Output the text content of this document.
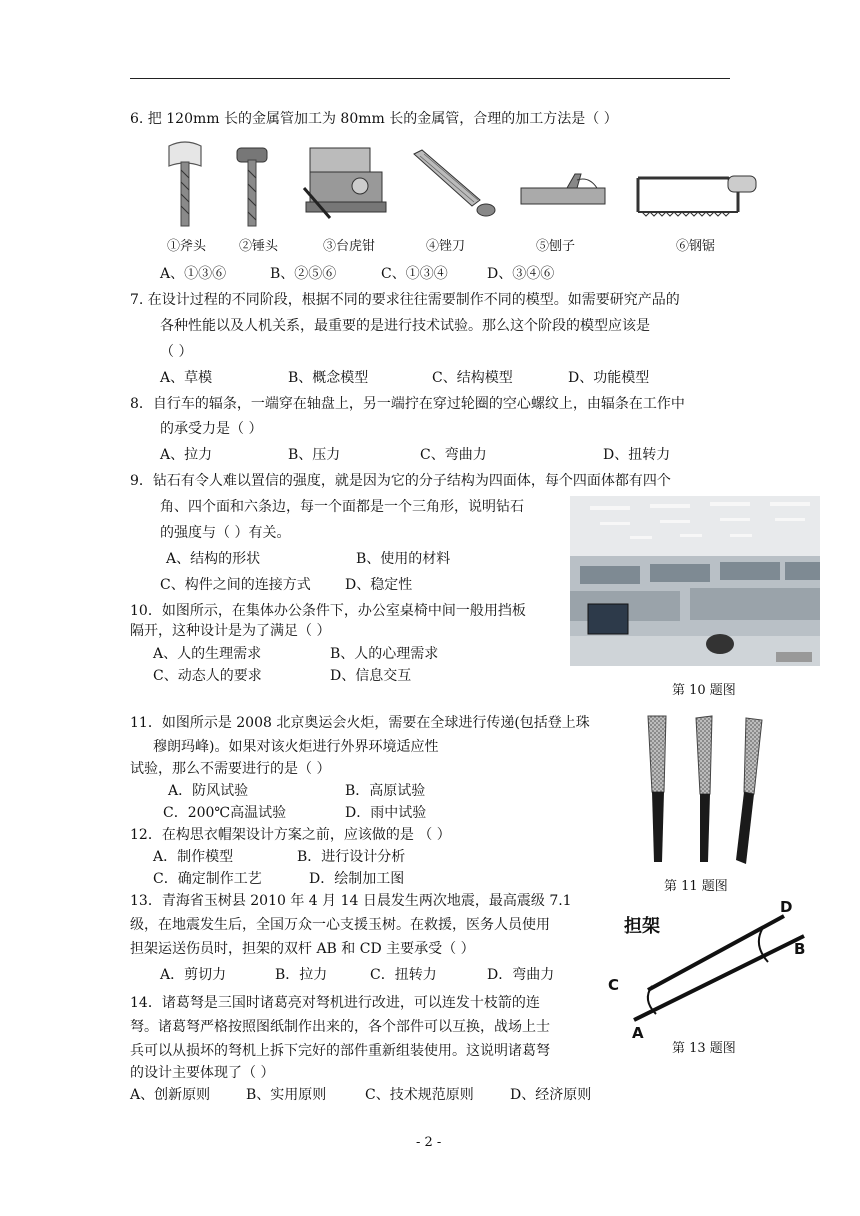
6. 把 120mm 长的金属管加工为 80mm 长的金属管，合理的加工方法是（ ）
①斧头	②锤头	③台虎钳	④锉刀	⑤刨子	⑥钢锯
A、①③⑥	B、②⑤⑥	C、①③④	D、③④⑥
7. 在设计过程的不同阶段，根据不同的要求往往需要制作不同的模型。如需要研究产品的
各种性能以及人机关系，最重要的是进行技术试验。那么这个阶段的模型应该是
（ ）
A、草模	B、概念模型	C、结构模型	D、功能模型
8．自行车的辐条，一端穿在轴盘上，另一端拧在穿过轮圈的空心螺纹上，由辐条在工作中
的承受力是（ ）
A、拉力	B、压力	C、弯曲力	D、扭转力
9．钻石有令人难以置信的强度，就是因为它的分子结构为四面体，每个四面体都有四个
角、四个面和六条边，每一个面都是一个三角形，说明钻石
的强度与（ ）有关。
A、结构的形状	B、使用的材料
C、构件之间的连接方式 D、稳定性
第 10 题图
10．如图所示，在集体办公条件下，办公室桌椅中间一般用挡板
隔开，这种设计是为了满足（ ）
A、人的生理需求	B、人的心理需求
C、动态人的要求	D、信息交互
第 11 题图
11．如图所示是 2008 北京奥运会火炬，需要在全球进行传递(包括登上珠
穆朗玛峰)。如果对该火炬进行外界环境适应性
试验，那么不需要进行的是（ ）
A．防风试验	B．高原试验
C．200℃高温试验	D．雨中试验
12．在构思衣帽架设计方案之前，应该做的是 （ ）
A．制作模型	B．进行设计分析
C．确定制作工艺	D．绘制加工图
13．青海省玉树县 2010 年 4 月 14 日晨发生两次地震，最高震级 7.1
级，在地震发生后，全国万众一心支援玉树。在救援，医务人员使用
担架运送伤员时，担架的双杆 AB 和 CD 主要承受（ ）
A．剪切力	B．拉力	C．扭转力	D．弯曲力
担架
D
B
C
A
第 13 题图
14．诸葛弩是三国时诸葛亮对弩机进行改进，可以连发十枝箭的连
弩。诸葛弩严格按照图纸制作出来的，各个部件可以互换，战场上士
兵可以从损坏的弩机上拆下完好的部件重新组装使用。这说明诸葛弩
的设计主要体现了（ ）
A、创新原则	B、实用原则	C、技术规范原则	D、经济原则
- 2 -
